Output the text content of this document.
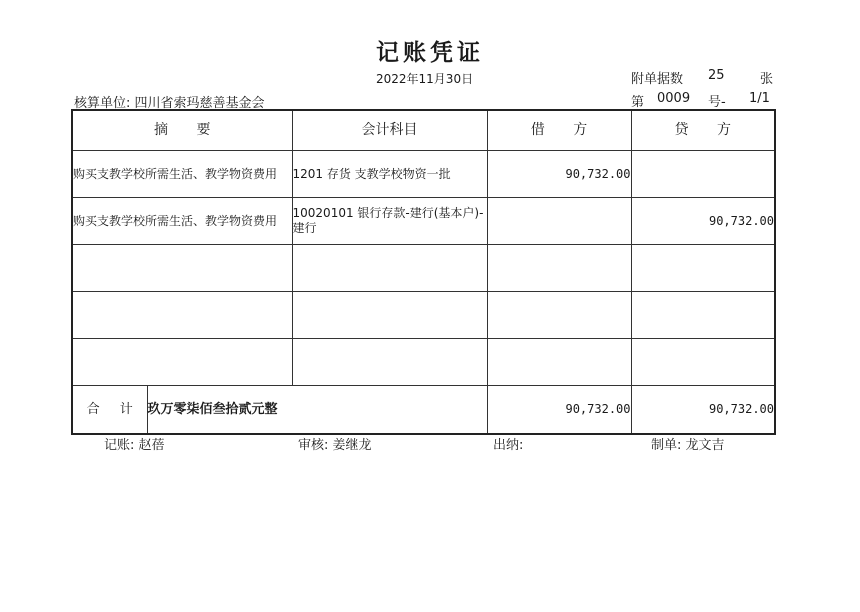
记账凭证
2022年11月30日	附单据数 25	张
核算单位: 四川省索玛慈善基金会	第 0009 号- 1/1
摘 要		会计科目	借 方	贷 方
购买支教学校所需生活、教学物资费用		1201 存货 支教学校物资一批	90,732.00	
购买支教学校所需生活、教学物资费用		10020101 银行存款-建行(基本户)-建行		90,732.00

合 计	玖万零柒佰叁拾贰元整		90,732.00	90,732.00
记账: 赵蓓	审核: 姜继龙	出纳:	制单: 龙文吉
